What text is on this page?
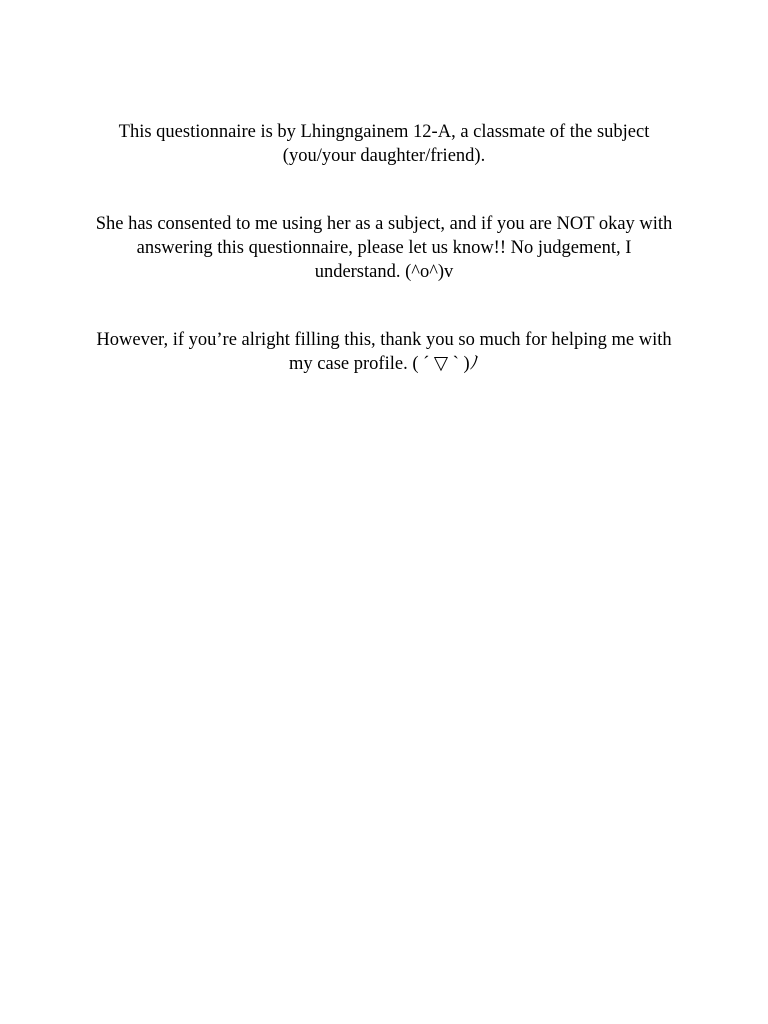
This questionnaire is by Lhingngainem 12-A, a classmate of the subject (you/your daughter/friend).

She has consented to me using her as a subject, and if you are NOT okay with answering this questionnaire, please let us know!! No judgement, I understand. (^o^)v

However, if you’re alright filling this, thank you so much for helping me with my case profile. ( ´ ▽ ` )ﾉ
